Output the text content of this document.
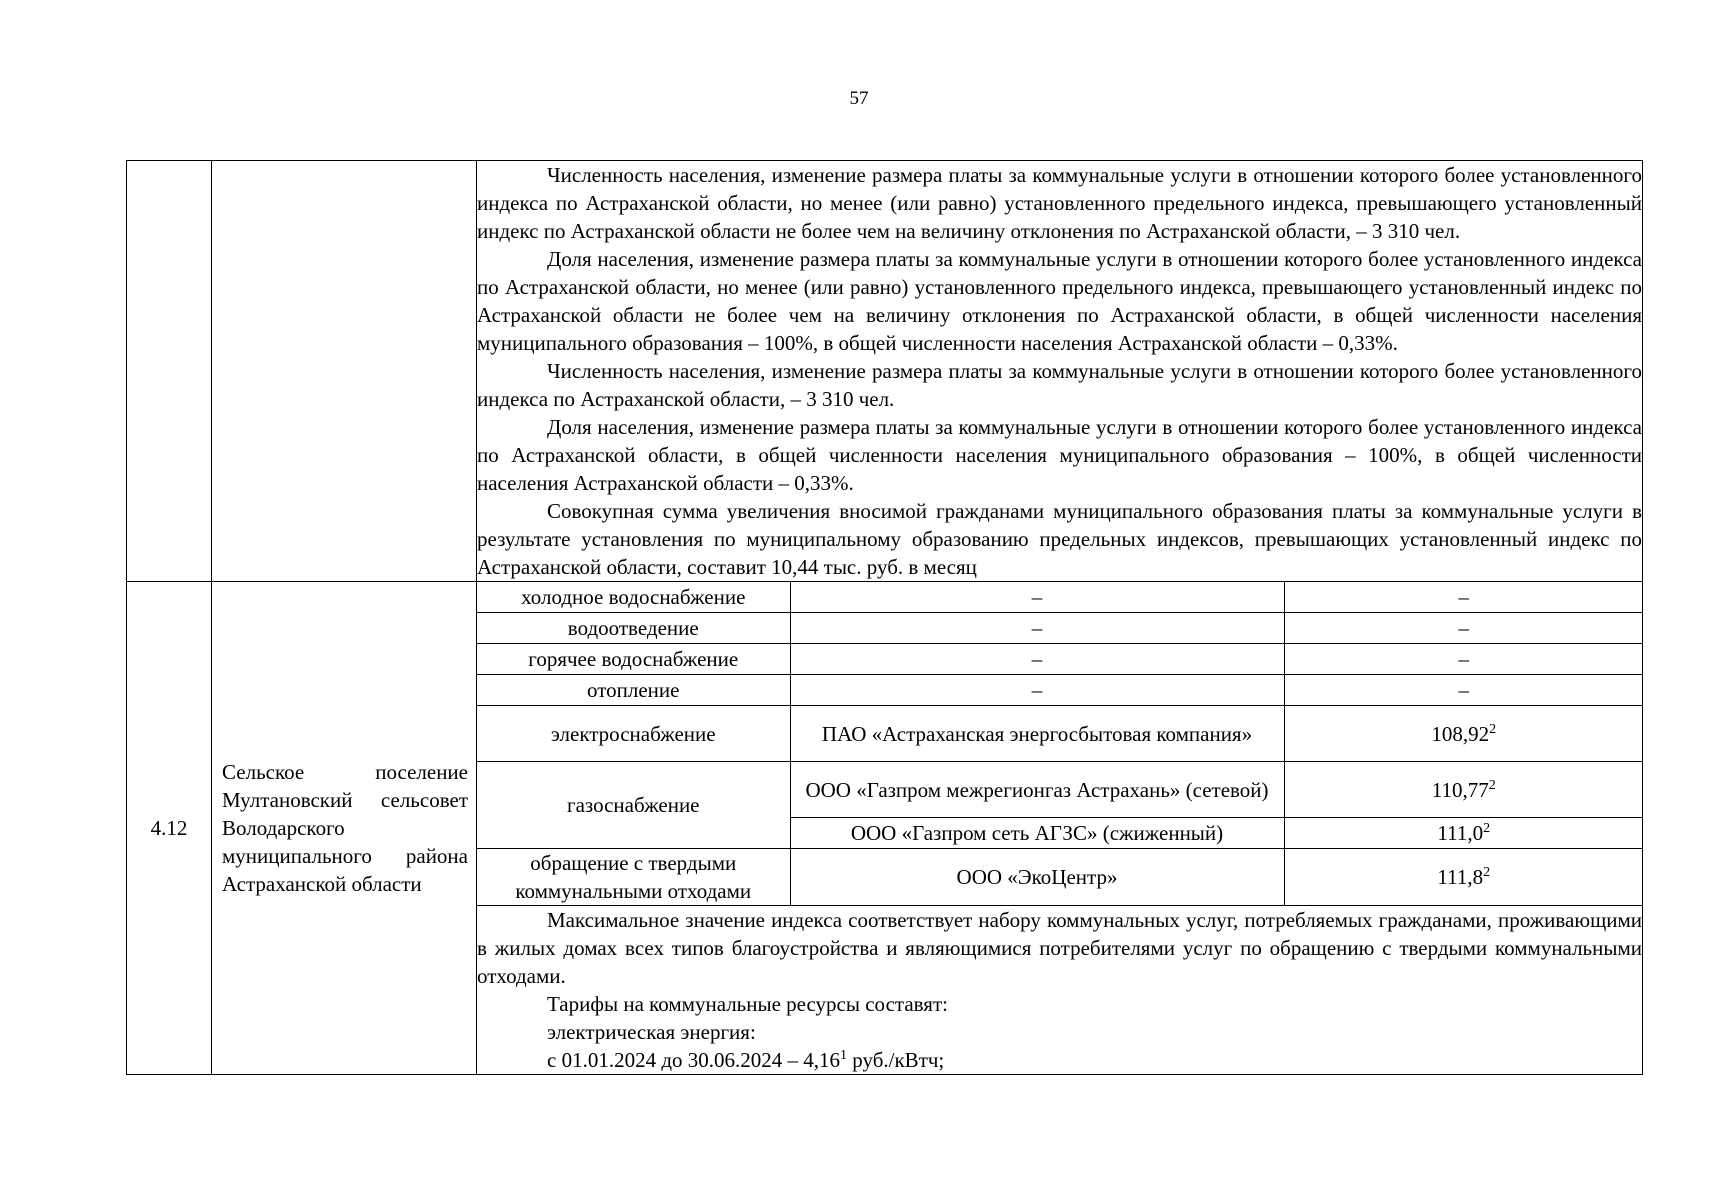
57

Численность населения, изменение размера платы за коммунальные услуги в отношении которого более установленного индекса по Астраханской области, но менее (или равно) установленного предельного индекса, превышающего установленный индекс по Астраханской области не более чем на величину отклонения по Астраханской области, – 3 310 чел.

Доля населения, изменение размера платы за коммунальные услуги в отношении которого более установленного индекса по Астраханской области, но менее (или равно) установленного предельного индекса, превышающего установленный индекс по Астраханской области не более чем на величину отклонения по Астраханской области, в общей численности населения муниципального образования – 100%, в общей численности населения Астраханской области – 0,33%.

Численность населения, изменение размера платы за коммунальные услуги в отношении которого более установленного индекса по Астраханской области, – 3 310 чел.

Доля населения, изменение размера платы за коммунальные услуги в отношении которого более установленного индекса по Астраханской области, в общей численности населения муниципального образования – 100%, в общей численности населения Астраханской области – 0,33%.

Совокупная сумма увеличения вносимой гражданами муниципального образования платы за коммунальные услуги в результате установления по муниципальному образованию предельных индексов, превышающих установленный индекс по Астраханской области, составит 10,44 тыс. руб. в месяц

4.12	Сельское поселение Мултановский сельсовет Володарского муниципального района Астраханской области	
холодное водоснабжение	–	–
водоотведение	–	–
горячее водоснабжение	–	–
отопление	–	–
электроснабжение	ПАО «Астраханская энергосбытовая компания»	108,92$^2$
газоснабжение	ООО «Газпром межрегионгаз Астрахань» (сетевой)	110,77$^2$
ООО «Газпром сеть АГЗС» (сжиженный)	111,0$^2$
обращение с твердыми коммунальными отходами	ООО «ЭкоЦентр»	111,8$^2$

Максимальное значение индекса соответствует набору коммунальных услуг, потребляемых гражданами, проживающими в жилых домах всех типов благоустройства и являющимися потребителями услуг по обращению с твердыми коммунальными отходами.

Тарифы на коммунальные ресурсы составят:

электрическая энергия:

с 01.01.2024 до 30.06.2024 – 4,16$^1$ руб./кВтч;
